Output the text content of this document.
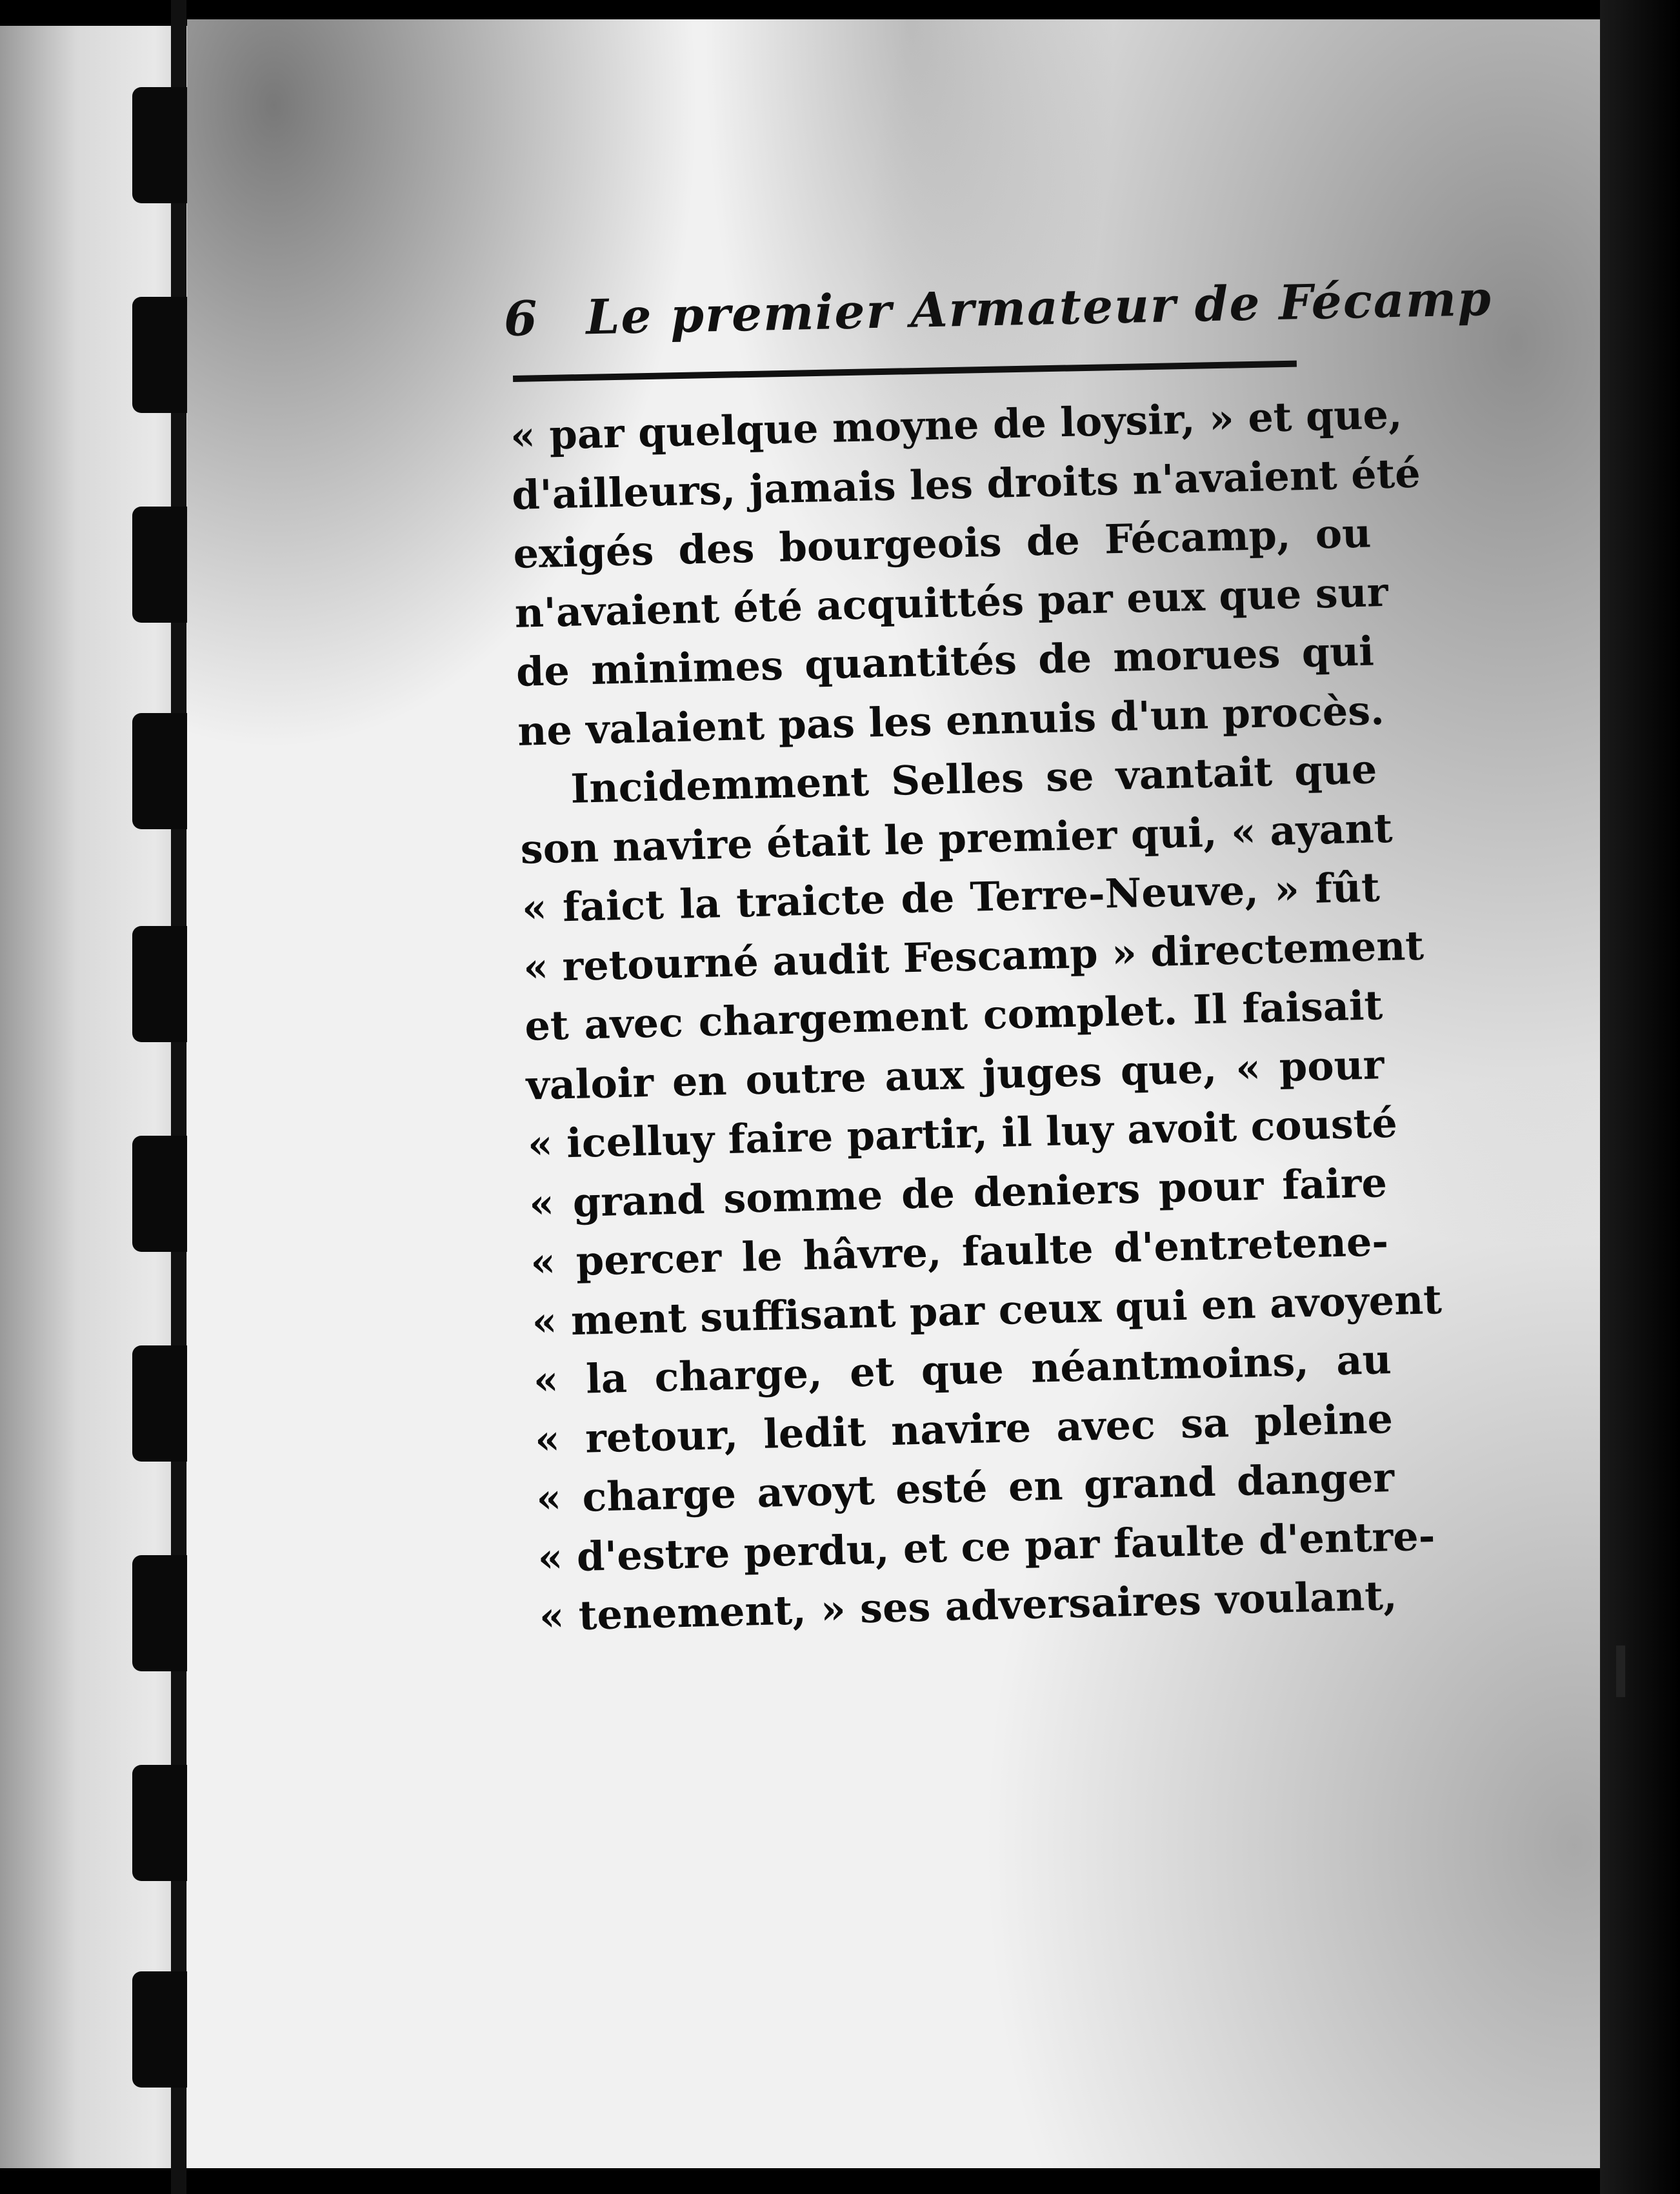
6 Le premier Armateur de Fécamp
« par quelque moyne de loysir, » et que,
d'ailleurs, jamais les droits n'avaient été
exigés des bourgeois de Fécamp, ou
n'avaient été acquittés par eux que sur
de minimes quantités de morues qui
ne valaient pas les ennuis d'un procès.
Incidemment Selles se vantait que
son navire était le premier qui, « ayant
« faict la traicte de Terre-Neuve, » fût
« retourné audit Fescamp » directement
et avec chargement complet. Il faisait
valoir en outre aux juges que, « pour
« icelluy faire partir, il luy avoit cousté
« grand somme de deniers pour faire
« percer le hâvre, faulte d'entretene-
« ment suffisant par ceux qui en avoyent
« la charge, et que néantmoins, au
« retour, ledit navire avec sa pleine
« charge avoyt esté en grand danger
« d'estre perdu, et ce par faulte d'entre-
« tenement, » ses adversaires voulant,
